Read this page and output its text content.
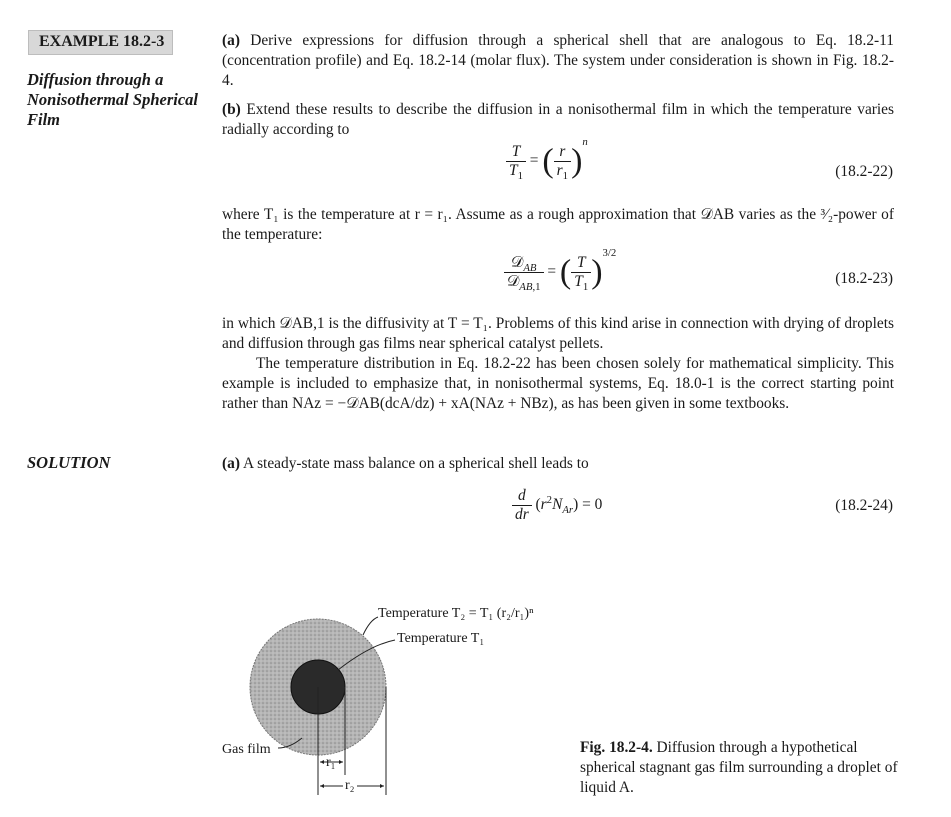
EXAMPLE 18.2-3
Diffusion through a Nonisothermal Spherical Film
SOLUTION

(a) Derive expressions for diffusion through a spherical shell that are analogous to Eq. 18.2-11 (concentration profile) and Eq. 18.2-14 (molar flux). The system under consideration is shown in Fig. 18.2-4.

(b) Extend these results to describe the diffusion in a nonisothermal film in which the temperature varies radially according to

$\frac{T}{T_1}$ = ( $\frac{r}{r_1} )^n$
(18.2-22)

where T₁ is the temperature at r = r₁. Assume as a rough approximation that 𝒟AB varies as the ³⁄₂-power of the temperature:

$\frac{𝒟_{AB}}{𝒟_{AB,1}}$ = ( $\frac{T}{T_1} )^{3/2}$
(18.2-23)

in which 𝒟AB,1 is the diffusivity at T = T₁. Problems of this kind arise in connection with drying of droplets and diffusion through gas films near spherical catalyst pellets.

The temperature distribution in Eq. 18.2-22 has been chosen solely for mathematical simplicity. This example is included to emphasize that, in nonisothermal systems, Eq. 18.0-1 is the correct starting point rather than NAz = −𝒟AB(dcA/dz) + xA(NAz + NBz), as has been given in some textbooks.

(a) A steady-state mass balance on a spherical shell leads to

$\frac{d}{dr} (r^2N_{Ar}) = 0$	(18.2-24)
Temperature T₂ = T₁ (r₂/r₁)ⁿ
Temperature T₁
Gas film
r₁
r₂
Fig. 18.2-4. Diffusion through a hypothetical spherical stagnant gas film surrounding a droplet of liquid A.
